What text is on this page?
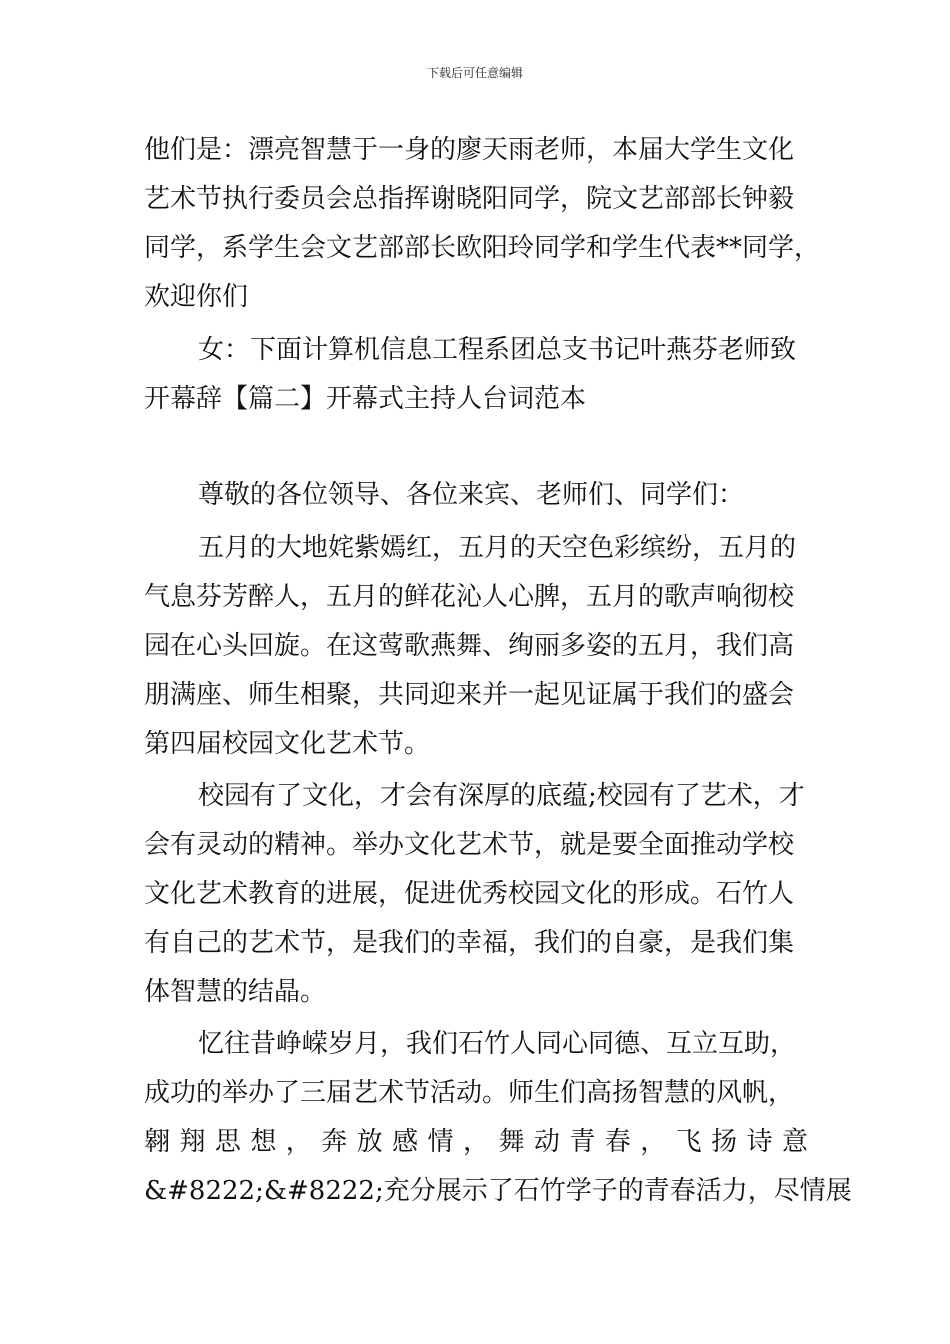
下载后可任意编辑

他们是：漂亮智慧于一身的廖天雨老师，本届大学生文化
艺术节执行委员会总指挥谢晓阳同学，院文艺部部长钟毅
同学，系学生会文艺部部长欧阳玲同学和学生代表**同学，
欢迎你们

女：下面计算机信息工程系团总支书记叶燕芬老师致
开幕辞【篇二】开幕式主持人台词范本

尊敬的各位领导、各位来宾、老师们、同学们：

五月的大地姹紫嫣红，五月的天空色彩缤纷，五月的
气息芬芳醉人，五月的鲜花沁人心脾，五月的歌声响彻校
园在心头回旋。在这莺歌燕舞、绚丽多姿的五月，我们高
朋满座、师生相聚，共同迎来并一起见证属于我们的盛会
第四届校园文化艺术节。

校园有了文化，才会有深厚的底蕴;校园有了艺术，才
会有灵动的精神。举办文化艺术节，就是要全面推动学校
文化艺术教育的进展，促进优秀校园文化的形成。石竹人
有自己的艺术节，是我们的幸福，我们的自豪，是我们集
体智慧的结晶。

忆往昔峥嵘岁月，我们石竹人同心同德、互立互助，
成功的举办了三届艺术节活动。师生们高扬智慧的风帆，
翱 翔 思 想 ， 奔 放 感 情 ， 舞 动 青 春 ， 飞 扬 诗 意
&#8222;&#8222;充分展示了石竹学子的青春活力，尽情展
